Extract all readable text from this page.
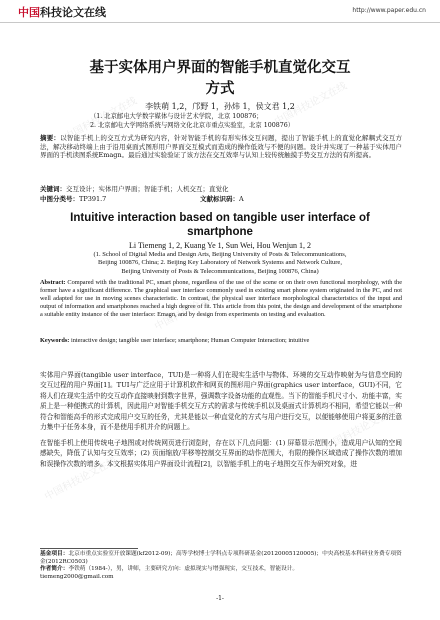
中国 科技论文在线	http://www.paper.edu.cn
中国科技论文在线	中国科技论文在线
中国科技论文在线
中国科技论文在线
中国科技论文在线
基于实体用户界面的智能手机直觉化交互
方式
李铁萌 1,2，邝野 1，孙炜 1，侯文君 1,2
（1. 北京邮电大学数字媒体与设计艺术学院，北京 100876；
2. 北京邮电大学网络系统与网络文化北京市重点实验室，北京 100876）
摘要：以智能手机上的交互方式为研究内容，针对智能手机的有形实体交互问题，提出了智能手机上的直觉化解耦式交互方法，解决移动终端上由于沿用桌面式图形用户界面交互模式而造成的操作低效与不便的问题。设计并实现了一种基于实体用户界面的手机读图系统Emagn。最后通过实验验证了该方法在交互效率与认知上较传统触摸手势交互方法的有所提高。
关键词：交互设计；实体用户界面；智能手机；人机交互；直觉化
中图分类号：TP391.7	文献标识码：A
Intuitive interaction based on tangible user interface of
smartphone
Li Tiemeng 1, 2, Kuang Ye 1, Sun Wei, Hou Wenjun 1, 2
(1. School of Digital Media and Design Arts, Beijing University of Posts & Telecommunications,
Beijing 100876, China; 2. Beijing Key Laboratory of Network Systems and Network Culture,
Beijing University of Posts & Telecommunications, Beijing 100876, China)
Abstract: Compared with the traditional PC, smart phone, regardless of the use of the scene or on their own functional morphology, with the former have a significant difference. The graphical user interface commonly used in existing smart phone system originated in the PC, and not well adapted for use in moving scenes characteristic. In contrast, the physical user interface morphological characteristics of the input and output of information and smartphones reached a high degree of fit. This article from this point, the design and development of the smartphone a suitable entity instance of the user interface: Emagn, and by design from experiments on testing and evaluation.
Keywords: interactive design; tangible user interface; smartphone; Human Computer Interaction; intuitive
实体用户界面(tangible user interface，TUI)是一种将人们在现实生活中与物体、环境的交互动作映射为与信息空间的交互过程的用户界面[1]。TUI与广泛应用于计算机软件和网页的图形用户界面(graphics user interface，GUI)不同，它将人们在现实生活中的交互动作直接映射到数字世界，强调数字设备功能的直观性。当下的智能手机尺寸小、功能丰富，实质上是一种便携式的计算机，因此用户对智能手机交互方式的需求与传统手机以及桌面式计算机均不相同，希望它能以一种符合和智能高手的形式完成用户交互的任务，尤其是能以一种直觉化的方式与用户进行交互，以便能够使用户将更多的注意力集中于任务本身，而不是使用手机并介的问题上。
在智能手机上使用传统电子地图或对传统网页进行浏览时，存在以下几点问题：(1) 屏幕显示范围小，造成用户认知的空间感缺失，降低了认知与交互效率；(2) 页面缩放/平移等控制交互界面的动作范围大，有限的操作区域造成了操作次数的增加和误操作次数的增多。本文根据实体用户界面设计流程[2]，以智能手机上的电子地图交互作为研究对象，进
基金项目：北京市重点实验室开放课题(kf2012-09)；高等学校博士学科点专项科研基金(20120005120005)；中央高校基本科研业务费专项资金(2012RC0503)
作者简介：李铁萌（1984-），男，讲师，主要研究方向：虚拟现实与增强现实，交互技术，智能设计。
tiemeng2000@gmail.com
-1-
